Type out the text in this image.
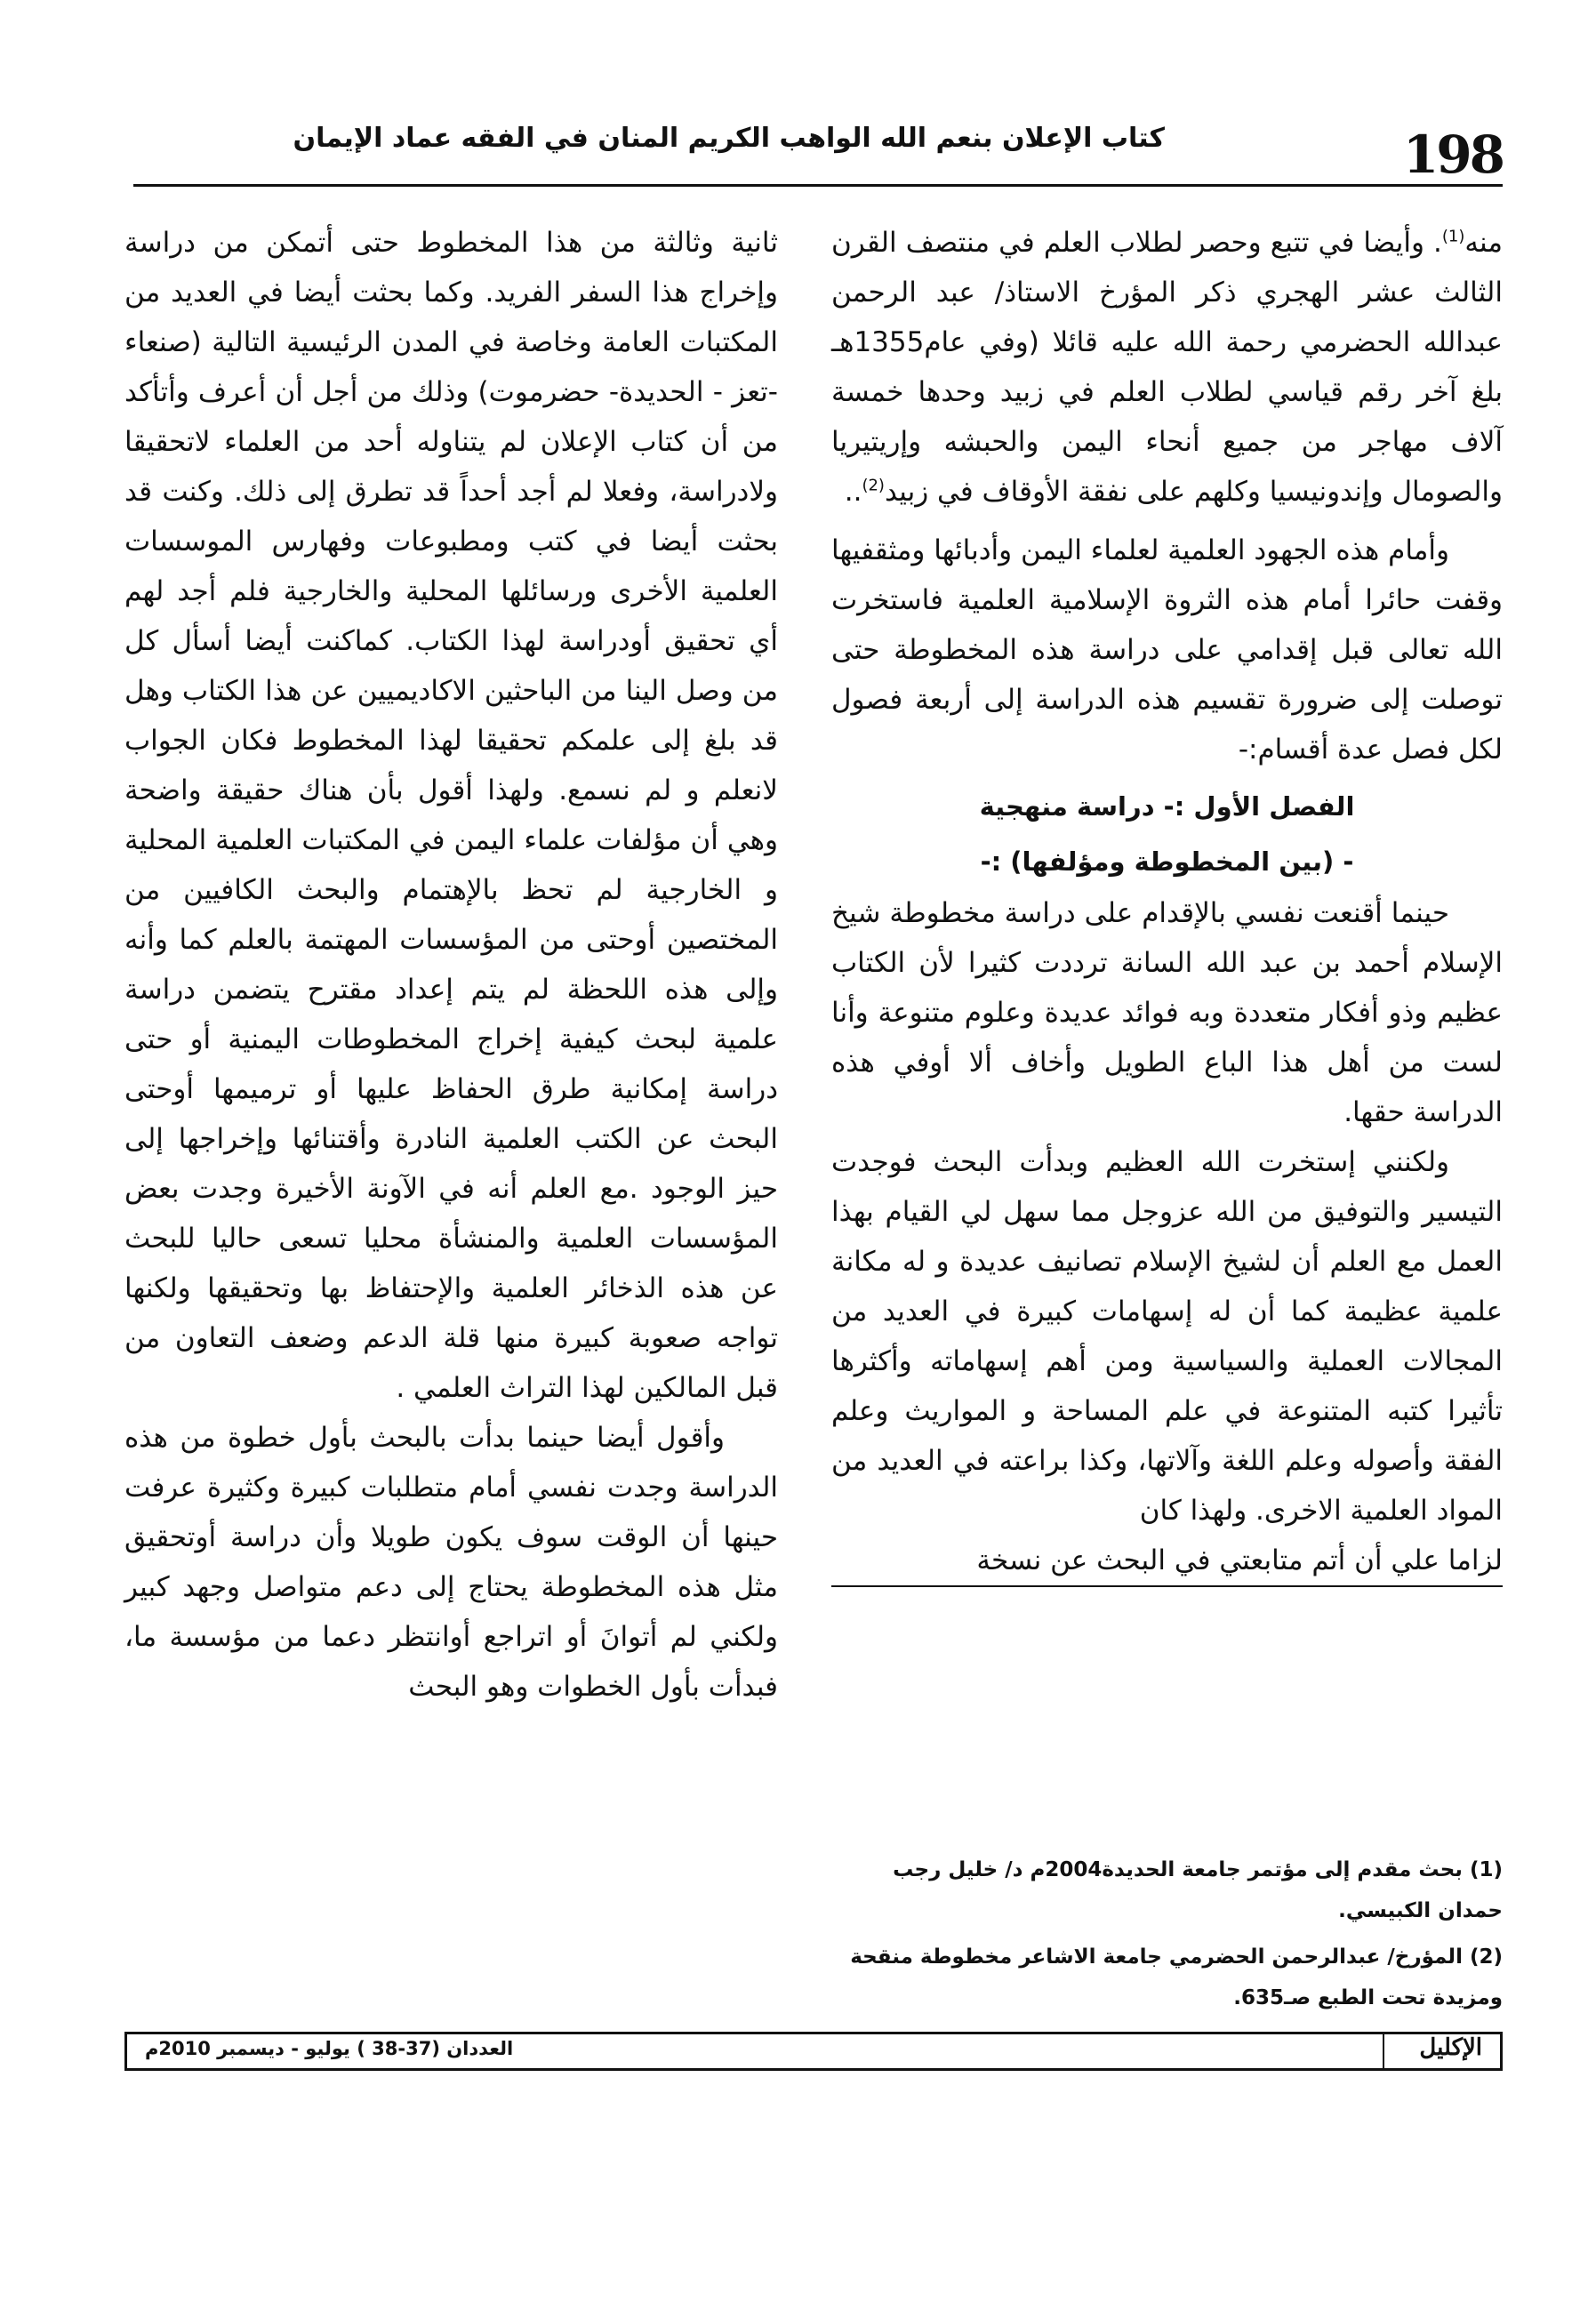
198
كتاب الإعلان بنعم الله الواهب الكريم المنان في الفقه عماد الإيمان

منه$^{(1)}$. وأيضا في تتبع وحصر لطلاب العلم في منتصف القرن الثالث عشر الهجري ذكر المؤرخ الاستاذ/ عبد الرحمن عبدالله الحضرمي رحمة الله عليه قائلا (وفي عام1355هـ بلغ آخر رقم قياسي لطلاب العلم في زبيد وحدها خمسة آلاف مهاجر من جميع أنحاء اليمن والحبشه وإريتيريا والصومال وإندونيسيا وكلهم على نفقة الأوقاف في زبيد$^{(2)}$..

وأمام هذه الجهود العلمية لعلماء اليمن وأدبائها ومثقفيها وقفت حائرا أمام هذه الثروة الإسلامية العلمية فاستخرت الله تعالى قبل إقدامي على دراسة هذه المخطوطة حتى توصلت إلى ضرورة تقسيم هذه الدراسة إلى أربعة فصول لكل فصل عدة أقسام:-

الفصل الأول :- دراسة منهجية
- (بين المخطوطة ومؤلفها) :-

حينما أقنعت نفسي بالإقدام على دراسة مخطوطة شيخ الإسلام أحمد بن عبد الله السانة ترددت كثيرا لأن الكتاب عظيم وذو أفكار متعددة وبه فوائد عديدة وعلوم متنوعة وأنا لست من أهل هذا الباع الطويل وأخاف ألا أوفي هذه الدراسة حقها.

ولكنني إستخرت الله العظيم وبدأت البحث فوجدت التيسير والتوفيق من الله عزوجل مما سهل لي القيام بهذا العمل مع العلم أن لشيخ الإسلام تصانيف عديدة و له مكانة علمية عظيمة كما أن له إسهامات كبيرة في العديد من المجالات العملية والسياسية ومن أهم إسهاماته وأكثرها تأثيرا كتبه المتنوعة في علم المساحة و المواريث وعلم الفقة وأصوله وعلم اللغة وآلاتها، وكذا براعته في العديد من المواد العلمية الاخرى. ولهذا كان

لزاما علي أن أتم متابعتي في البحث عن نسخة

(1) بحث مقدم إلى مؤتمر جامعة الحديدة2004م د/ خليل رجب حمدان الكبيسي.

(2) المؤرخ/ عبدالرحمن الحضرمي جامعة الاشاعر مخطوطة منقحة ومزيدة تحت الطبع صـ635.

ثانية وثالثة من هذا المخطوط حتى أتمكن من دراسة وإخراج هذا السفر الفريد. وكما بحثت أيضا في العديد من المكتبات العامة وخاصة في المدن الرئيسية التالية (صنعاء -تعز - الحديدة- حضرموت) وذلك من أجل أن أعرف وأتأكد من أن كتاب الإعلان لم يتناوله أحد من العلماء لاتحقيقا ولادراسة، وفعلا لم أجد أحداً قد تطرق إلى ذلك. وكنت قد بحثت أيضا في كتب ومطبوعات وفهارس الموسسات العلمية الأخرى ورسائلها المحلية والخارجية فلم أجد لهم أي تحقيق أودراسة لهذا الكتاب. كماكنت أيضا أسأل كل من وصل الينا من الباحثين الاكاديميين عن هذا الكتاب وهل قد بلغ إلى علمكم تحقيقا لهذا المخطوط فكان الجواب لانعلم و لم نسمع. ولهذا أقول بأن هناك حقيقة واضحة وهي أن مؤلفات علماء اليمن في المكتبات العلمية المحلية و الخارجية لم تحظ بالإهتمام والبحث الكافيين من المختصين أوحتى من المؤسسات المهتمة بالعلم كما وأنه وإلى هذه اللحظة لم يتم إعداد مقترح يتضمن دراسة علمية لبحث كيفية إخراج المخطوطات اليمنية أو حتى دراسة إمكانية طرق الحفاظ عليها أو ترميمها أوحتى البحث عن الكتب العلمية النادرة وأقتنائها وإخراجها إلى حيز الوجود .مع العلم أنه في الآونة الأخيرة وجدت بعض المؤسسات العلمية والمنشأة محليا تسعى حاليا للبحث عن هذه الذخائر العلمية والإحتفاظ بها وتحقيقها ولكنها تواجه صعوبة كبيرة منها قلة الدعم وضعف التعاون من قبل المالكين لهذا التراث العلمي .

وأقول أيضا حينما بدأت بالبحث بأول خطوة من هذه الدراسة وجدت نفسي أمام متطلبات كبيرة وكثيرة عرفت حينها أن الوقت سوف يكون طويلا وأن دراسة أوتحقيق مثل هذه المخطوطة يحتاج إلى دعم متواصل وجهد كبير ولكني لم أتوانَ أو اتراجع أوانتظر دعما من مؤسسة ما، فبدأت بأول الخطوات وهو البحث

الإكليل
العددان (37-38 ) يوليو - ديسمبر 2010م
